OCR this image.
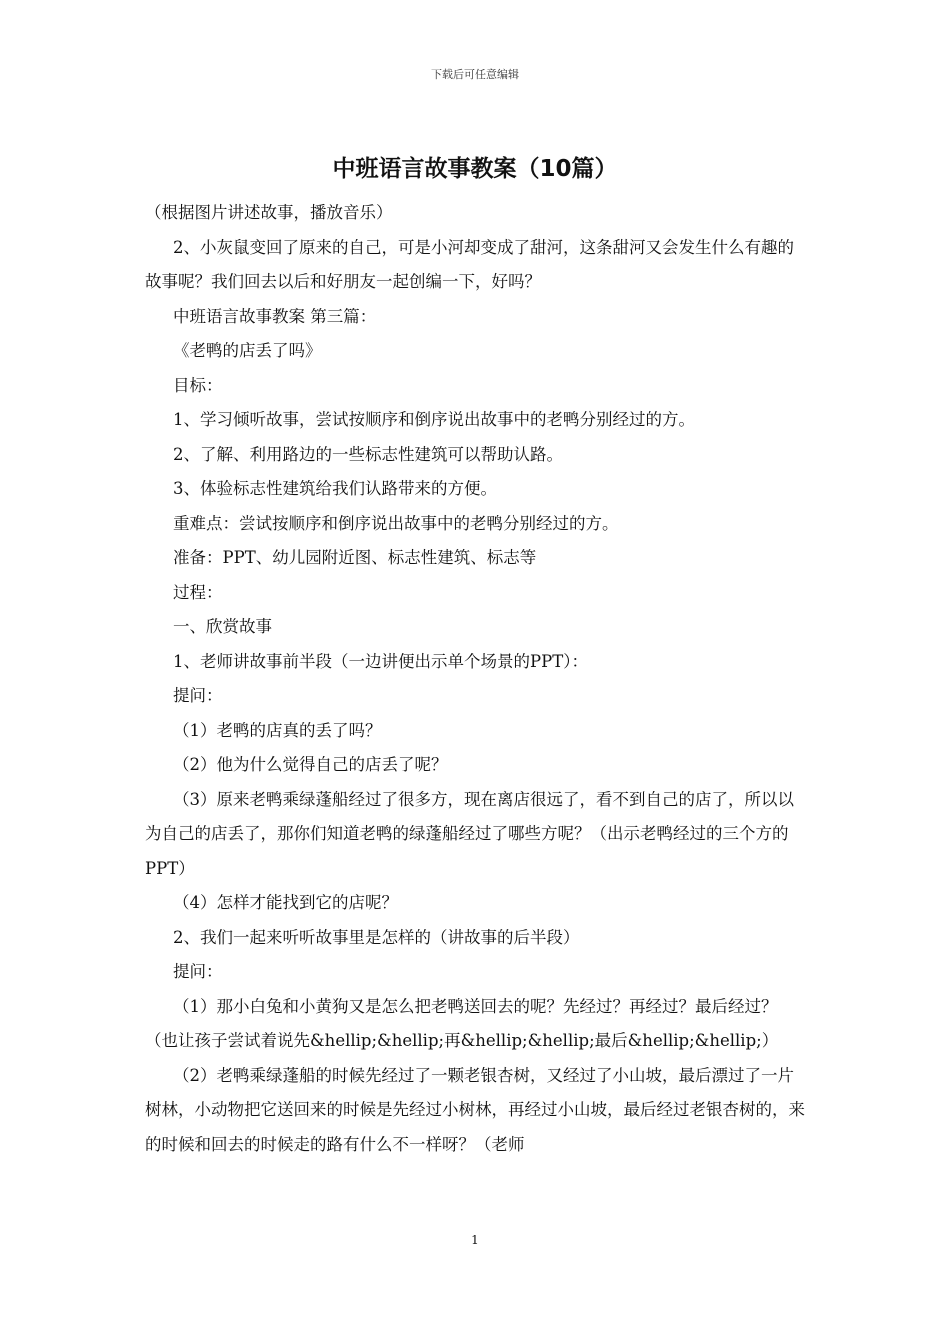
下载后可任意编辑
中班语言故事教案（10篇）

（根据图片讲述故事，播放音乐）

2、小灰鼠变回了原来的自己，可是小河却变成了甜河，这条甜河又会发生什么有趣的故事呢？我们回去以后和好朋友一起创编一下，好吗？

中班语言故事教案 第三篇：

《老鸭的店丢了吗》

目标：

1、学习倾听故事，尝试按顺序和倒序说出故事中的老鸭分别经过的方。

2、了解、利用路边的一些标志性建筑可以帮助认路。

3、体验标志性建筑给我们认路带来的方便。

重难点：尝试按顺序和倒序说出故事中的老鸭分别经过的方。

准备：PPT、幼儿园附近图、标志性建筑、标志等

过程：

一、欣赏故事

1、老师讲故事前半段（一边讲便出示单个场景的PPT）：

提问：

（1）老鸭的店真的丢了吗？

（2）他为什么觉得自己的店丢了呢？

（3）原来老鸭乘绿蓬船经过了很多方，现在离店很远了，看不到自己的店了，所以以为自己的店丢了，那你们知道老鸭的绿蓬船经过了哪些方呢？（出示老鸭经过的三个方的PPT）

（4）怎样才能找到它的店呢？

2、我们一起来听听故事里是怎样的（讲故事的后半段）

提问：

（1）那小白兔和小黄狗又是怎么把老鸭送回去的呢？先经过？再经过？最后经过？（也让孩子尝试着说先&hellip;&hellip;再&hellip;&hellip;最后&hellip;&hellip;）

（2）老鸭乘绿蓬船的时候先经过了一颗老银杏树，又经过了小山坡，最后漂过了一片树林，小动物把它送回来的时候是先经过小树林，再经过小山坡，最后经过老银杏树的，来的时候和回去的时候走的路有什么不一样呀？（老师

1
